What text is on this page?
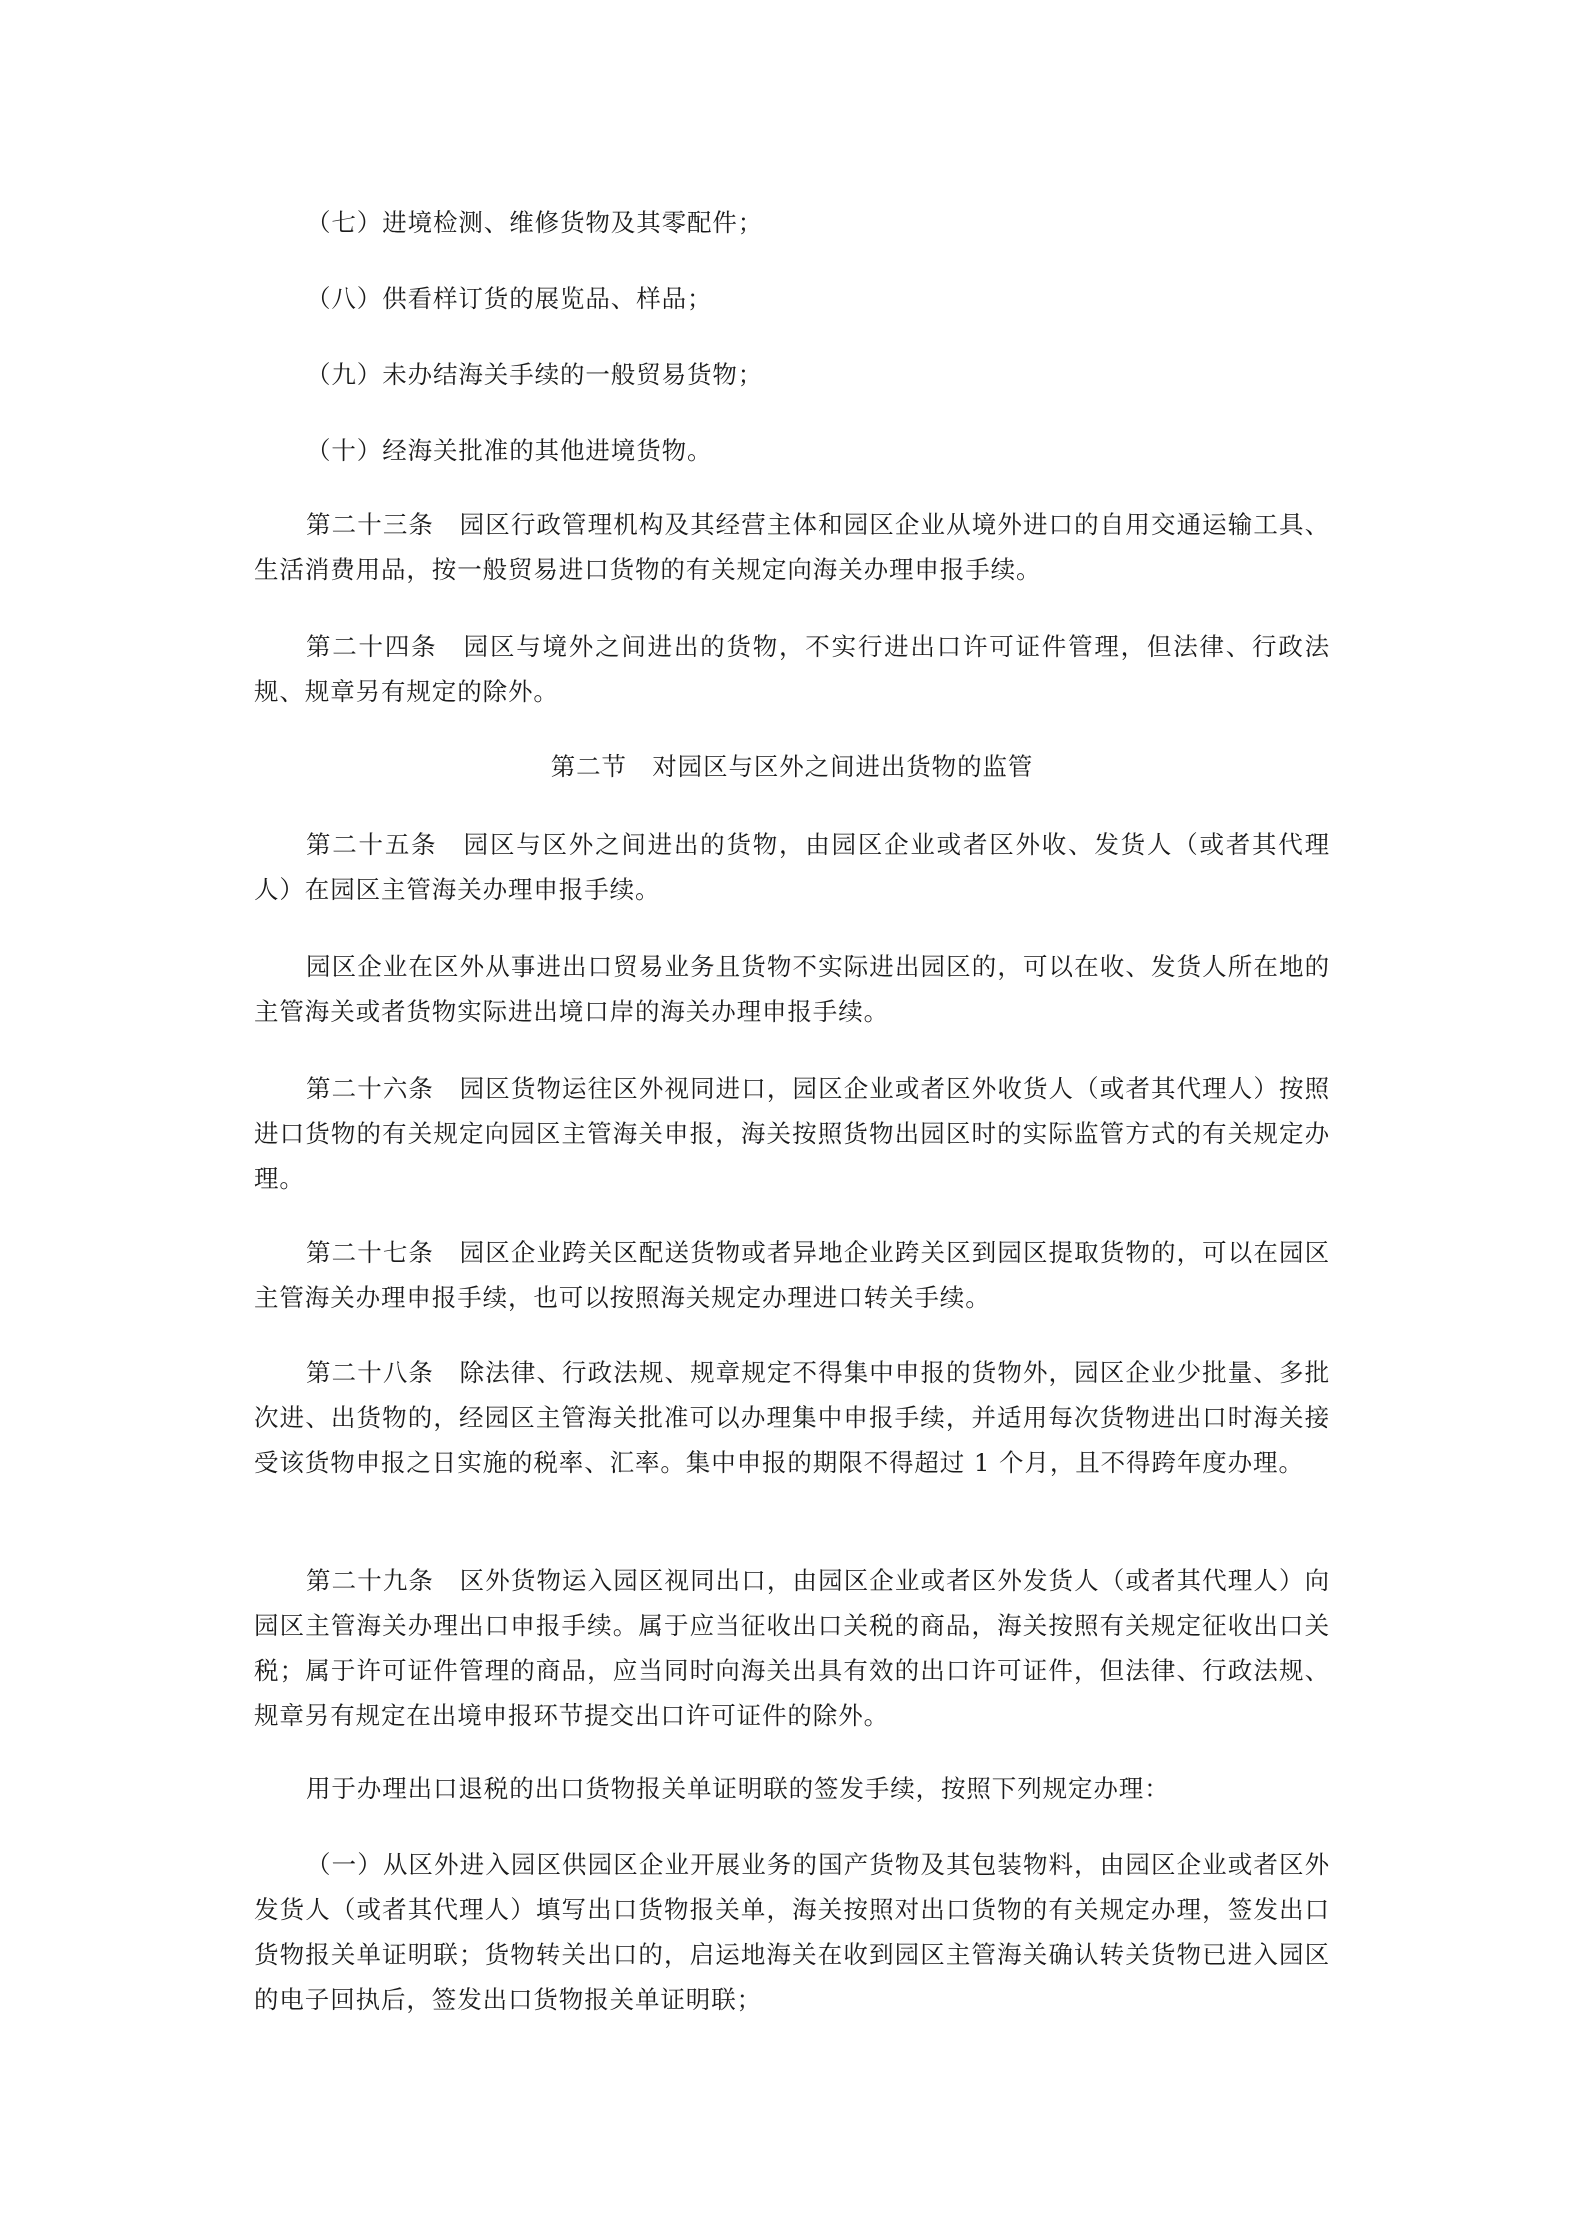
（七）进境检测、维修货物及其零配件；

（八）供看样订货的展览品、样品；

（九）未办结海关手续的一般贸易货物；

（十）经海关批准的其他进境货物。

第二十三条　园区行政管理机构及其经营主体和园区企业从境外进口的自用交通运输工具、生活消费用品，按一般贸易进口货物的有关规定向海关办理申报手续。

第二十四条　园区与境外之间进出的货物，不实行进出口许可证件管理，但法律、行政法规、规章另有规定的除外。

第二节　对园区与区外之间进出货物的监管

第二十五条　园区与区外之间进出的货物，由园区企业或者区外收、发货人（或者其代理人）在园区主管海关办理申报手续。

园区企业在区外从事进出口贸易业务且货物不实际进出园区的，可以在收、发货人所在地的主管海关或者货物实际进出境口岸的海关办理申报手续。

第二十六条　园区货物运往区外视同进口，园区企业或者区外收货人（或者其代理人）按照进口货物的有关规定向园区主管海关申报，海关按照货物出园区时的实际监管方式的有关规定办理。

第二十七条　园区企业跨关区配送货物或者异地企业跨关区到园区提取货物的，可以在园区主管海关办理申报手续，也可以按照海关规定办理进口转关手续。

第二十八条　除法律、行政法规、规章规定不得集中申报的货物外，园区企业少批量、多批次进、出货物的，经园区主管海关批准可以办理集中申报手续，并适用每次货物进出口时海关接受该货物申报之日实施的税率、汇率。集中申报的期限不得超过 1 个月，且不得跨年度办理。

第二十九条　区外货物运入园区视同出口，由园区企业或者区外发货人（或者其代理人）向园区主管海关办理出口申报手续。属于应当征收出口关税的商品，海关按照有关规定征收出口关税；属于许可证件管理的商品，应当同时向海关出具有效的出口许可证件，但法律、行政法规、规章另有规定在出境申报环节提交出口许可证件的除外。

用于办理出口退税的出口货物报关单证明联的签发手续，按照下列规定办理：

（一）从区外进入园区供园区企业开展业务的国产货物及其包装物料，由园区企业或者区外发货人（或者其代理人）填写出口货物报关单，海关按照对出口货物的有关规定办理，签发出口货物报关单证明联；货物转关出口的，启运地海关在收到园区主管海关确认转关货物已进入园区的电子回执后，签发出口货物报关单证明联；
